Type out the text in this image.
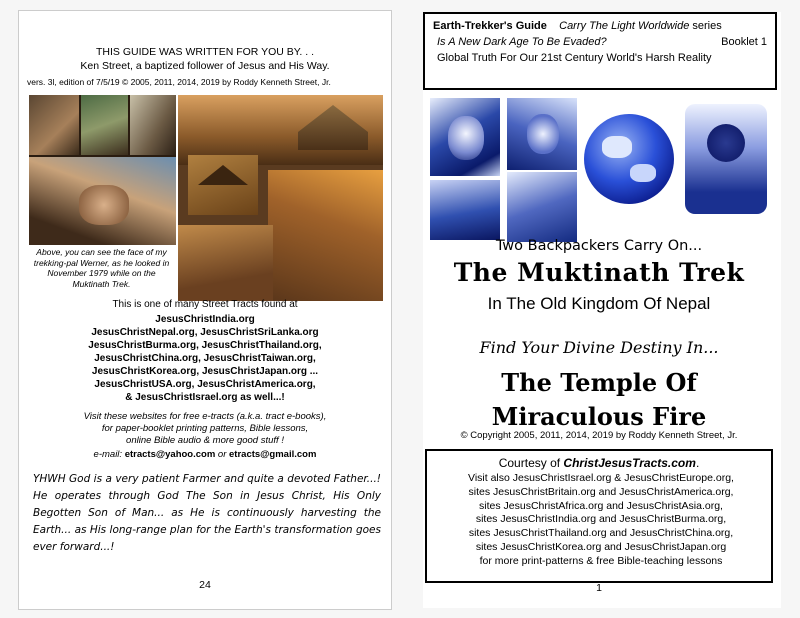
THIS GUIDE WAS WRITTEN FOR YOU BY. . .
Ken Street, a baptized follower of Jesus and His Way.
vers. 3l, edition of 7/5/19 © 2005, 2011, 2014, 2019 by Roddy Kenneth Street, Jr.
Above, you can see the face of my trekking-pal Werner, as he looked in November 1979 while on the Muktinath Trek.
This is one of many Street Tracts found at
JesusChristIndia.org
JesusChristNepal.org, JesusChristSriLanka.org
JesusChristBurma.org, JesusChristThailand.org,
JesusChristChina.org, JesusChristTaiwan.org,
JesusChristKorea.org, JesusChristJapan.org ...
JesusChristUSA.org, JesusChristAmerica.org,
& JesusChristIsrael.org as well...!
Visit these websites for free e-tracts (a.k.a. tract e-books),
for paper-booklet printing patterns, Bible lessons,
online Bible audio & more good stuff !
e-mail: etracts@yahoo.com or etracts@gmail.com
YHWH God is a very patient Farmer and quite a devoted Father...! He operates through God The Son in Jesus Christ, His Only Begotten Son of Man... as He is continuously harvesting the Earth... as His long-range plan for the Earth's transformation goes ever forward...!
24
Earth-Trekker's Guide Carry The Light Worldwide series
Is A New Dark Age To Be Evaded?	Booklet 1
Global Truth For Our 21st Century World's Harsh Reality
Two Backpackers Carry On...
The Muktinath Trek
In The Old Kingdom Of Nepal
Find Your Divine Destiny In...
The Temple Of
Miraculous Fire
© Copyright 2005, 2011, 2014, 2019 by Roddy Kenneth Street, Jr.
Courtesy of ChristJesusTracts.com.
Visit also JesusChristIsrael.org & JesusChristEurope.org,
sites JesusChristBritain.org and JesusChristAmerica.org,
sites JesusChristAfrica.org and JesusChristAsia.org,
sites JesusChristIndia.org and JesusChristBurma.org,
sites JesusChristThailand.org and JesusChristChina.org,
sites JesusChristKorea.org and JesusChristJapan.org
for more print-patterns & free Bible-teaching lessons
1
